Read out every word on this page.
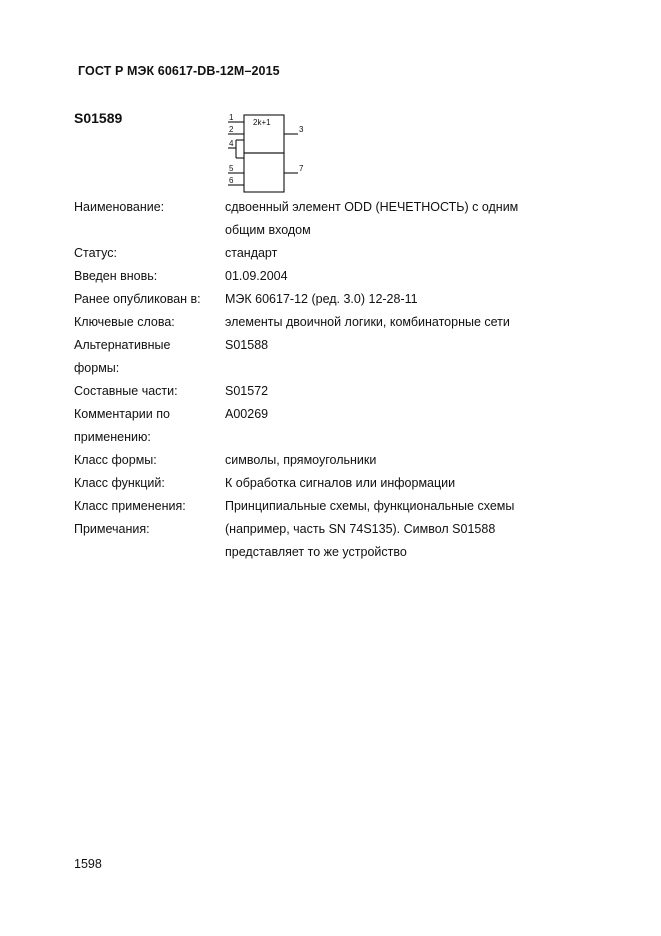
ГОСТ Р МЭК 60617-DB-12M–2015
S01589	1
2	3
4
5
6
7
2k+1
Наименование:	сдвоенный элемент ODD (НЕЧЕТНОСТЬ) с одним
общим входом
Статус:	стандарт
Введен вновь:	01.09.2004
Ранее опубликован в:	МЭК 60617-12 (ред. 3.0) 12-28-11
Ключевые слова:	элементы двоичной логики, комбинаторные сети
Альтернативные	S01588
формы:
Составные части:	S01572
Комментарии по	A00269
применению:
Класс формы:	символы, прямоугольники
Класс функций:	К обработка сигналов или информации
Класс применения:	Принципиальные схемы, функциональные схемы
Примечания:	(например, часть SN 74S135). Символ S01588
представляет то же устройство
1598
